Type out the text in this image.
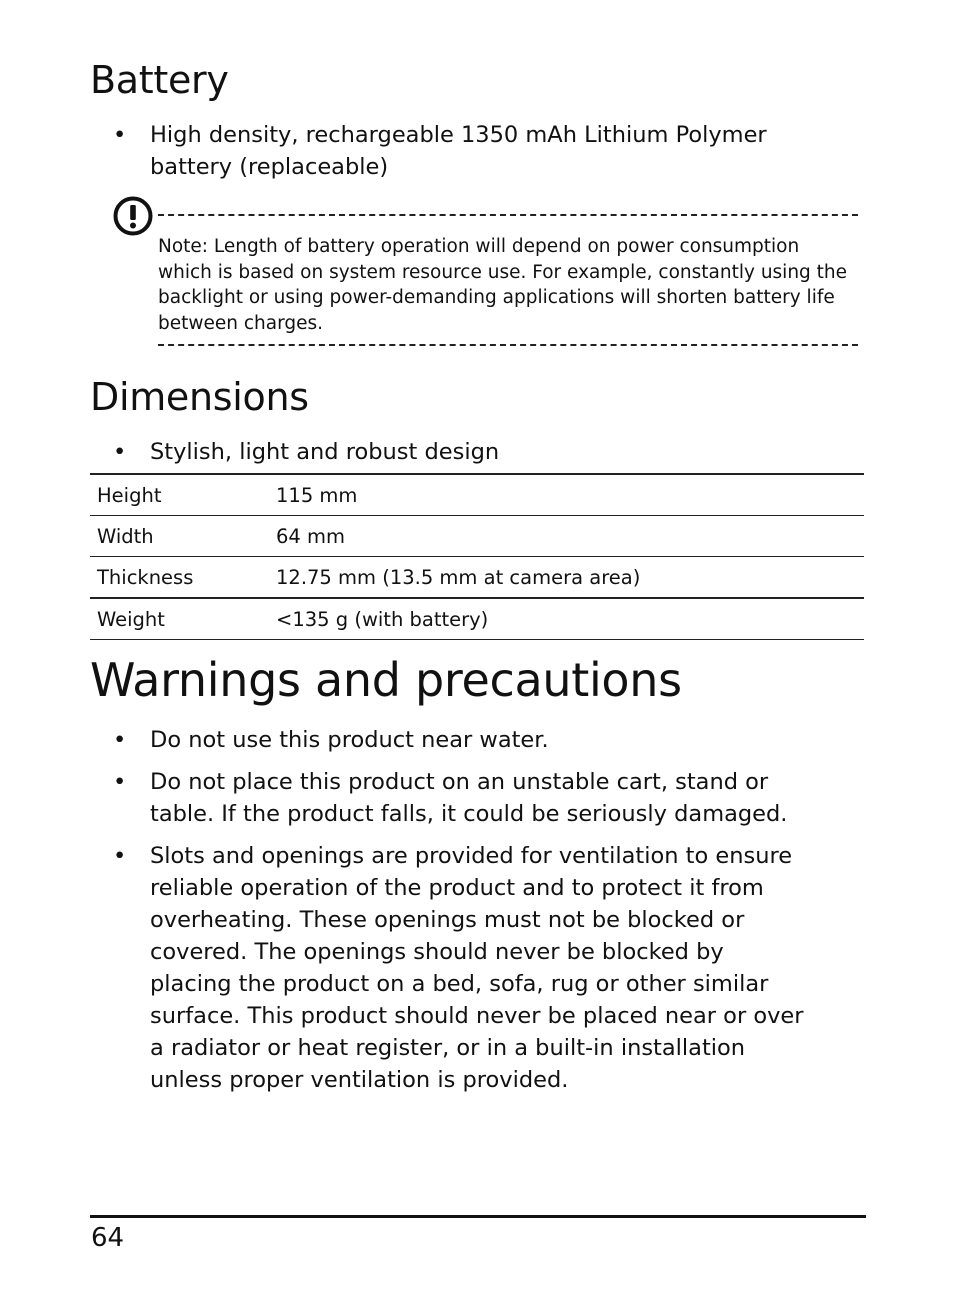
Battery
• High density, rechargeable 1350 mAh Lithium Polymer battery (replaceable)
Note: Length of battery operation will depend on power consumption which is based on system resource use. For example, constantly using the backlight or using power-demanding applications will shorten battery life between charges.
Dimensions
• Stylish, light and robust design
Height	115 mm
Width	64 mm
Thickness	12.75 mm (13.5 mm at camera area)
Weight	<135 g (with battery)
Warnings and precautions
• Do not use this product near water.
• Do not place this product on an unstable cart, stand or table. If the product falls, it could be seriously damaged.
• Slots and openings are provided for ventilation to ensure reliable operation of the product and to protect it from overheating. These openings must not be blocked or covered. The openings should never be blocked by placing the product on a bed, sofa, rug or other similar surface. This product should never be placed near or over a radiator or heat register, or in a built-in installation unless proper ventilation is provided.
64
